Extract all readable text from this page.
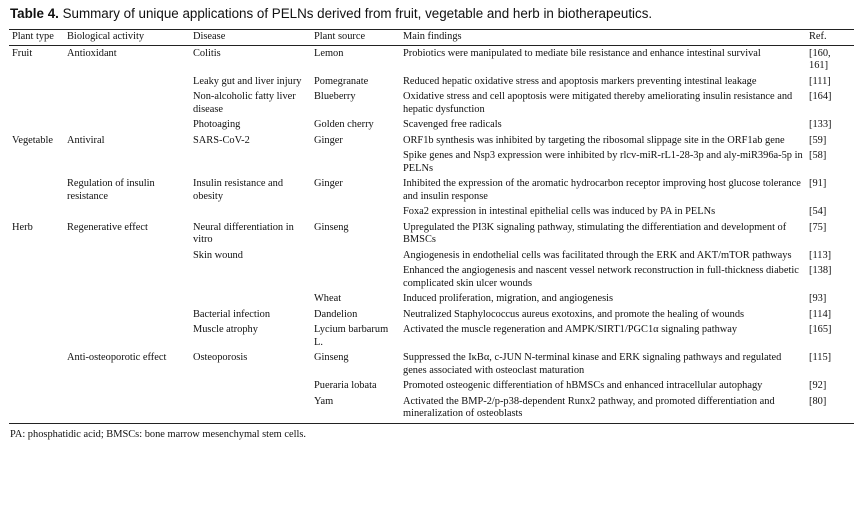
Table 4. Summary of unique applications of PELNs derived from fruit, vegetable and herb in biotherapeutics.
Plant type	Biological activity	Disease	Plant source	Main findings	Ref.
Fruit	Antioxidant	Colitis	Lemon	Probiotics were manipulated to mediate bile resistance and enhance intestinal survival	[160, 161]
		Leaky gut and liver injury	Pomegranate	Reduced hepatic oxidative stress and apoptosis markers preventing intestinal leakage	[111]
		Non-alcoholic fatty liver disease	Blueberry	Oxidative stress and cell apoptosis were mitigated thereby ameliorating insulin resistance and hepatic dysfunction	[164]
		Photoaging	Golden cherry	Scavenged free radicals	[133]
Vegetable	Antiviral	SARS-CoV-2	Ginger	ORF1b synthesis was inhibited by targeting the ribosomal slippage site in the ORF1ab gene	[59]
				Spike genes and Nsp3 expression were inhibited by rlcv-miR-rL1-28-3p and aly-miR396a-5p in PELNs	[58]
	Regulation of insulin resistance	Insulin resistance and obesity	Ginger	Inhibited the expression of the aromatic hydrocarbon receptor improving host glucose tolerance and insulin response	[91]
				Foxa2 expression in intestinal epithelial cells was induced by PA in PELNs	[54]
Herb	Regenerative effect	Neural differentiation in vitro	Ginseng	Upregulated the PI3K signaling pathway, stimulating the differentiation and development of BMSCs	[75]
		Skin wound		Angiogenesis in endothelial cells was facilitated through the ERK and AKT/mTOR pathways	[113]
				Enhanced the angiogenesis and nascent vessel network reconstruction in full-thickness diabetic complicated skin ulcer wounds	[138]
			Wheat	Induced proliferation, migration, and angiogenesis	[93]
		Bacterial infection	Dandelion	Neutralized Staphylococcus aureus exotoxins, and promote the healing of wounds	[114]
		Muscle atrophy	Lycium barbarum L.	Activated the muscle regeneration and AMPK/SIRT1/PGC1α signaling pathway	[165]
	Anti-osteoporotic effect	Osteoporosis	Ginseng	Suppressed the IκBα, c-JUN N-terminal kinase and ERK signaling pathways and regulated genes associated with osteoclast maturation	[115]
			Pueraria lobata	Promoted osteogenic differentiation of hBMSCs and enhanced intracellular autophagy	[92]
			Yam	Activated the BMP-2/p-p38-dependent Runx2 pathway, and promoted differentiation and mineralization of osteoblasts	[80]
PA: phosphatidic acid; BMSCs: bone marrow mesenchymal stem cells.
